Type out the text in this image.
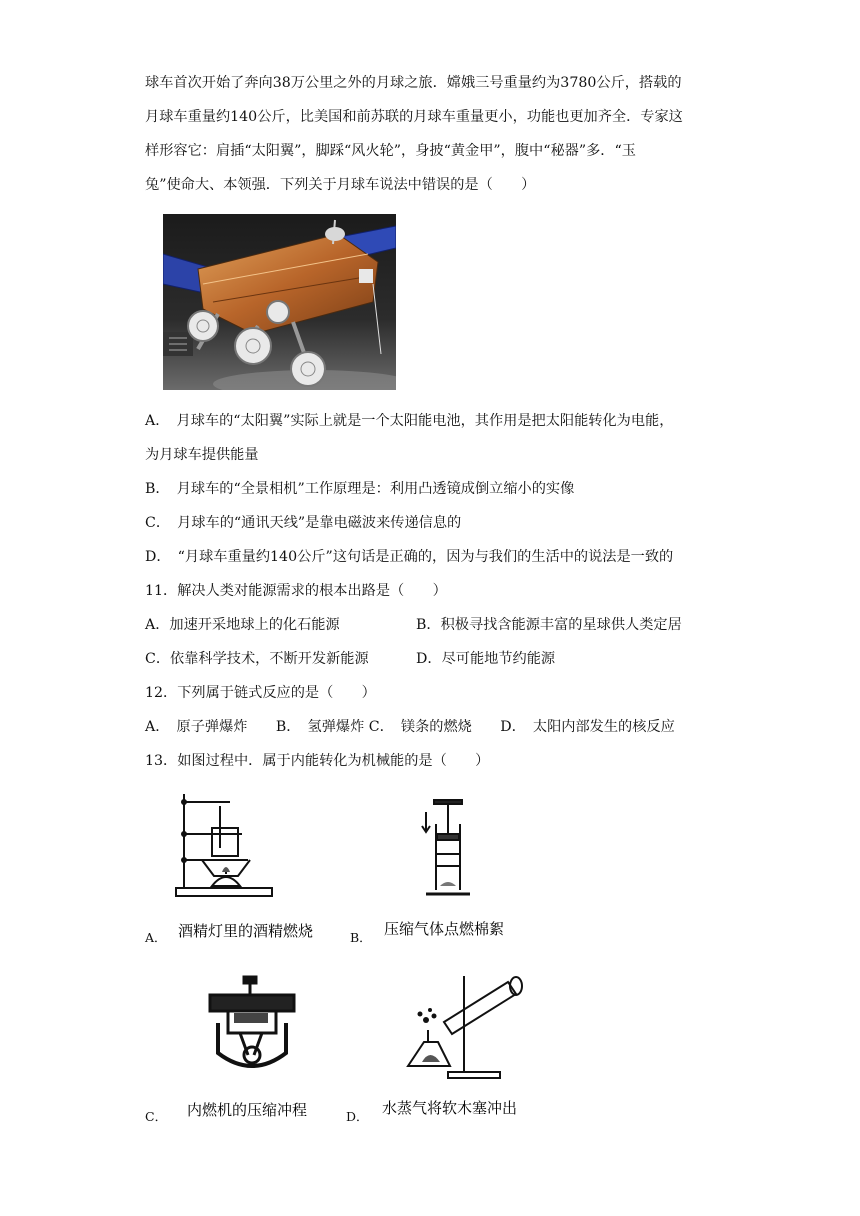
球车首次开始了奔向38万公里之外的月球之旅．嫦娥三号重量约为3780公斤，搭载的
月球车重量约140公斤，比美国和前苏联的月球车重量更小，功能也更加齐全．专家这
样形容它：肩插“太阳翼”，脚踩“风火轮”，身披“黄金甲”，腹中“秘器”多．“玉
兔”使命大、本领强．下列关于月球车说法中错误的是（　　）
A．　月球车的“太阳翼”实际上就是一个太阳能电池，其作用是把太阳能转化为电能，
为月球车提供能量
B．　月球车的“全景相机”工作原理是：利用凸透镜成倒立缩小的实像
C．　月球车的“通讯天线”是靠电磁波来传递信息的
D．　“月球车重量约140公斤”这句话是正确的，因为与我们的生活中的说法是一致的
11．解决人类对能源需求的根本出路是（　　）
A．加速开采地球上的化石能源	B．积极寻找含能源丰富的星球供人类定居
C．依靠科学技术，不断开发新能源	D．尽可能地节约能源
12．下列属于链式反应的是（　　）
A．　原子弹爆炸　　B．　氢弹爆炸 C．　镁条的燃烧　　D．　太阳内部发生的核反应
13．如图过程中．属于内能转化为机械能的是（　　）
A． 酒精灯里的酒精燃烧	B． 压缩气体点燃棉絮
C． 内燃机的压缩冲程	D． 水蒸气将软木塞冲出
